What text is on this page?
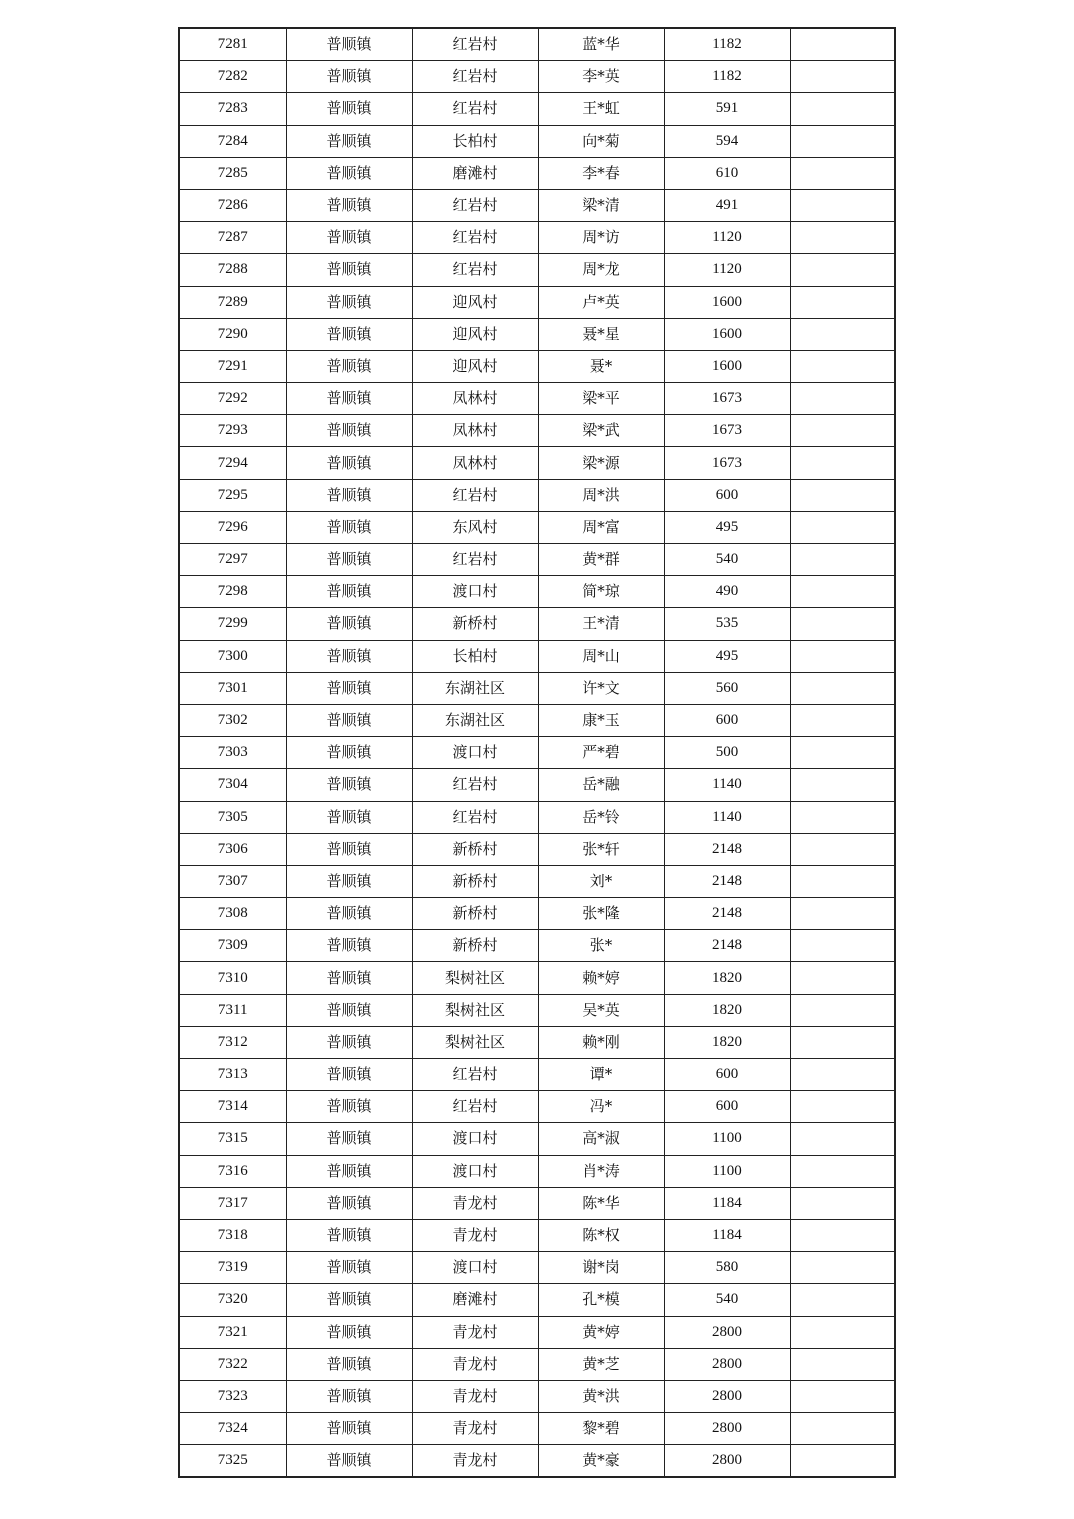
7281	普顺镇	红岩村	蓝*华	1182	
7282	普顺镇	红岩村	李*英	1182	
7283	普顺镇	红岩村	王*虹	591	
7284	普顺镇	长柏村	向*菊	594	
7285	普顺镇	磨滩村	李*春	610	
7286	普顺镇	红岩村	梁*清	491	
7287	普顺镇	红岩村	周*访	1120	
7288	普顺镇	红岩村	周*龙	1120	
7289	普顺镇	迎风村	卢*英	1600	
7290	普顺镇	迎风村	聂*星	1600	
7291	普顺镇	迎风村	聂*	1600	
7292	普顺镇	凤林村	梁*平	1673	
7293	普顺镇	凤林村	梁*武	1673	
7294	普顺镇	凤林村	梁*源	1673	
7295	普顺镇	红岩村	周*洪	600	
7296	普顺镇	东风村	周*富	495	
7297	普顺镇	红岩村	黄*群	540	
7298	普顺镇	渡口村	简*琼	490	
7299	普顺镇	新桥村	王*清	535	
7300	普顺镇	长柏村	周*山	495	
7301	普顺镇	东湖社区	许*文	560	
7302	普顺镇	东湖社区	康*玉	600	
7303	普顺镇	渡口村	严*碧	500	
7304	普顺镇	红岩村	岳*融	1140	
7305	普顺镇	红岩村	岳*铃	1140	
7306	普顺镇	新桥村	张*轩	2148	
7307	普顺镇	新桥村	刘*	2148	
7308	普顺镇	新桥村	张*隆	2148	
7309	普顺镇	新桥村	张*	2148	
7310	普顺镇	梨树社区	赖*婷	1820	
7311	普顺镇	梨树社区	吴*英	1820	
7312	普顺镇	梨树社区	赖*刚	1820	
7313	普顺镇	红岩村	谭*	600	
7314	普顺镇	红岩村	冯*	600	
7315	普顺镇	渡口村	高*淑	1100	
7316	普顺镇	渡口村	肖*涛	1100	
7317	普顺镇	青龙村	陈*华	1184	
7318	普顺镇	青龙村	陈*权	1184	
7319	普顺镇	渡口村	谢*岗	580	
7320	普顺镇	磨滩村	孔*模	540	
7321	普顺镇	青龙村	黄*婷	2800	
7322	普顺镇	青龙村	黄*芝	2800	
7323	普顺镇	青龙村	黄*洪	2800	
7324	普顺镇	青龙村	黎*碧	2800	
7325	普顺镇	青龙村	黄*豪	2800	
